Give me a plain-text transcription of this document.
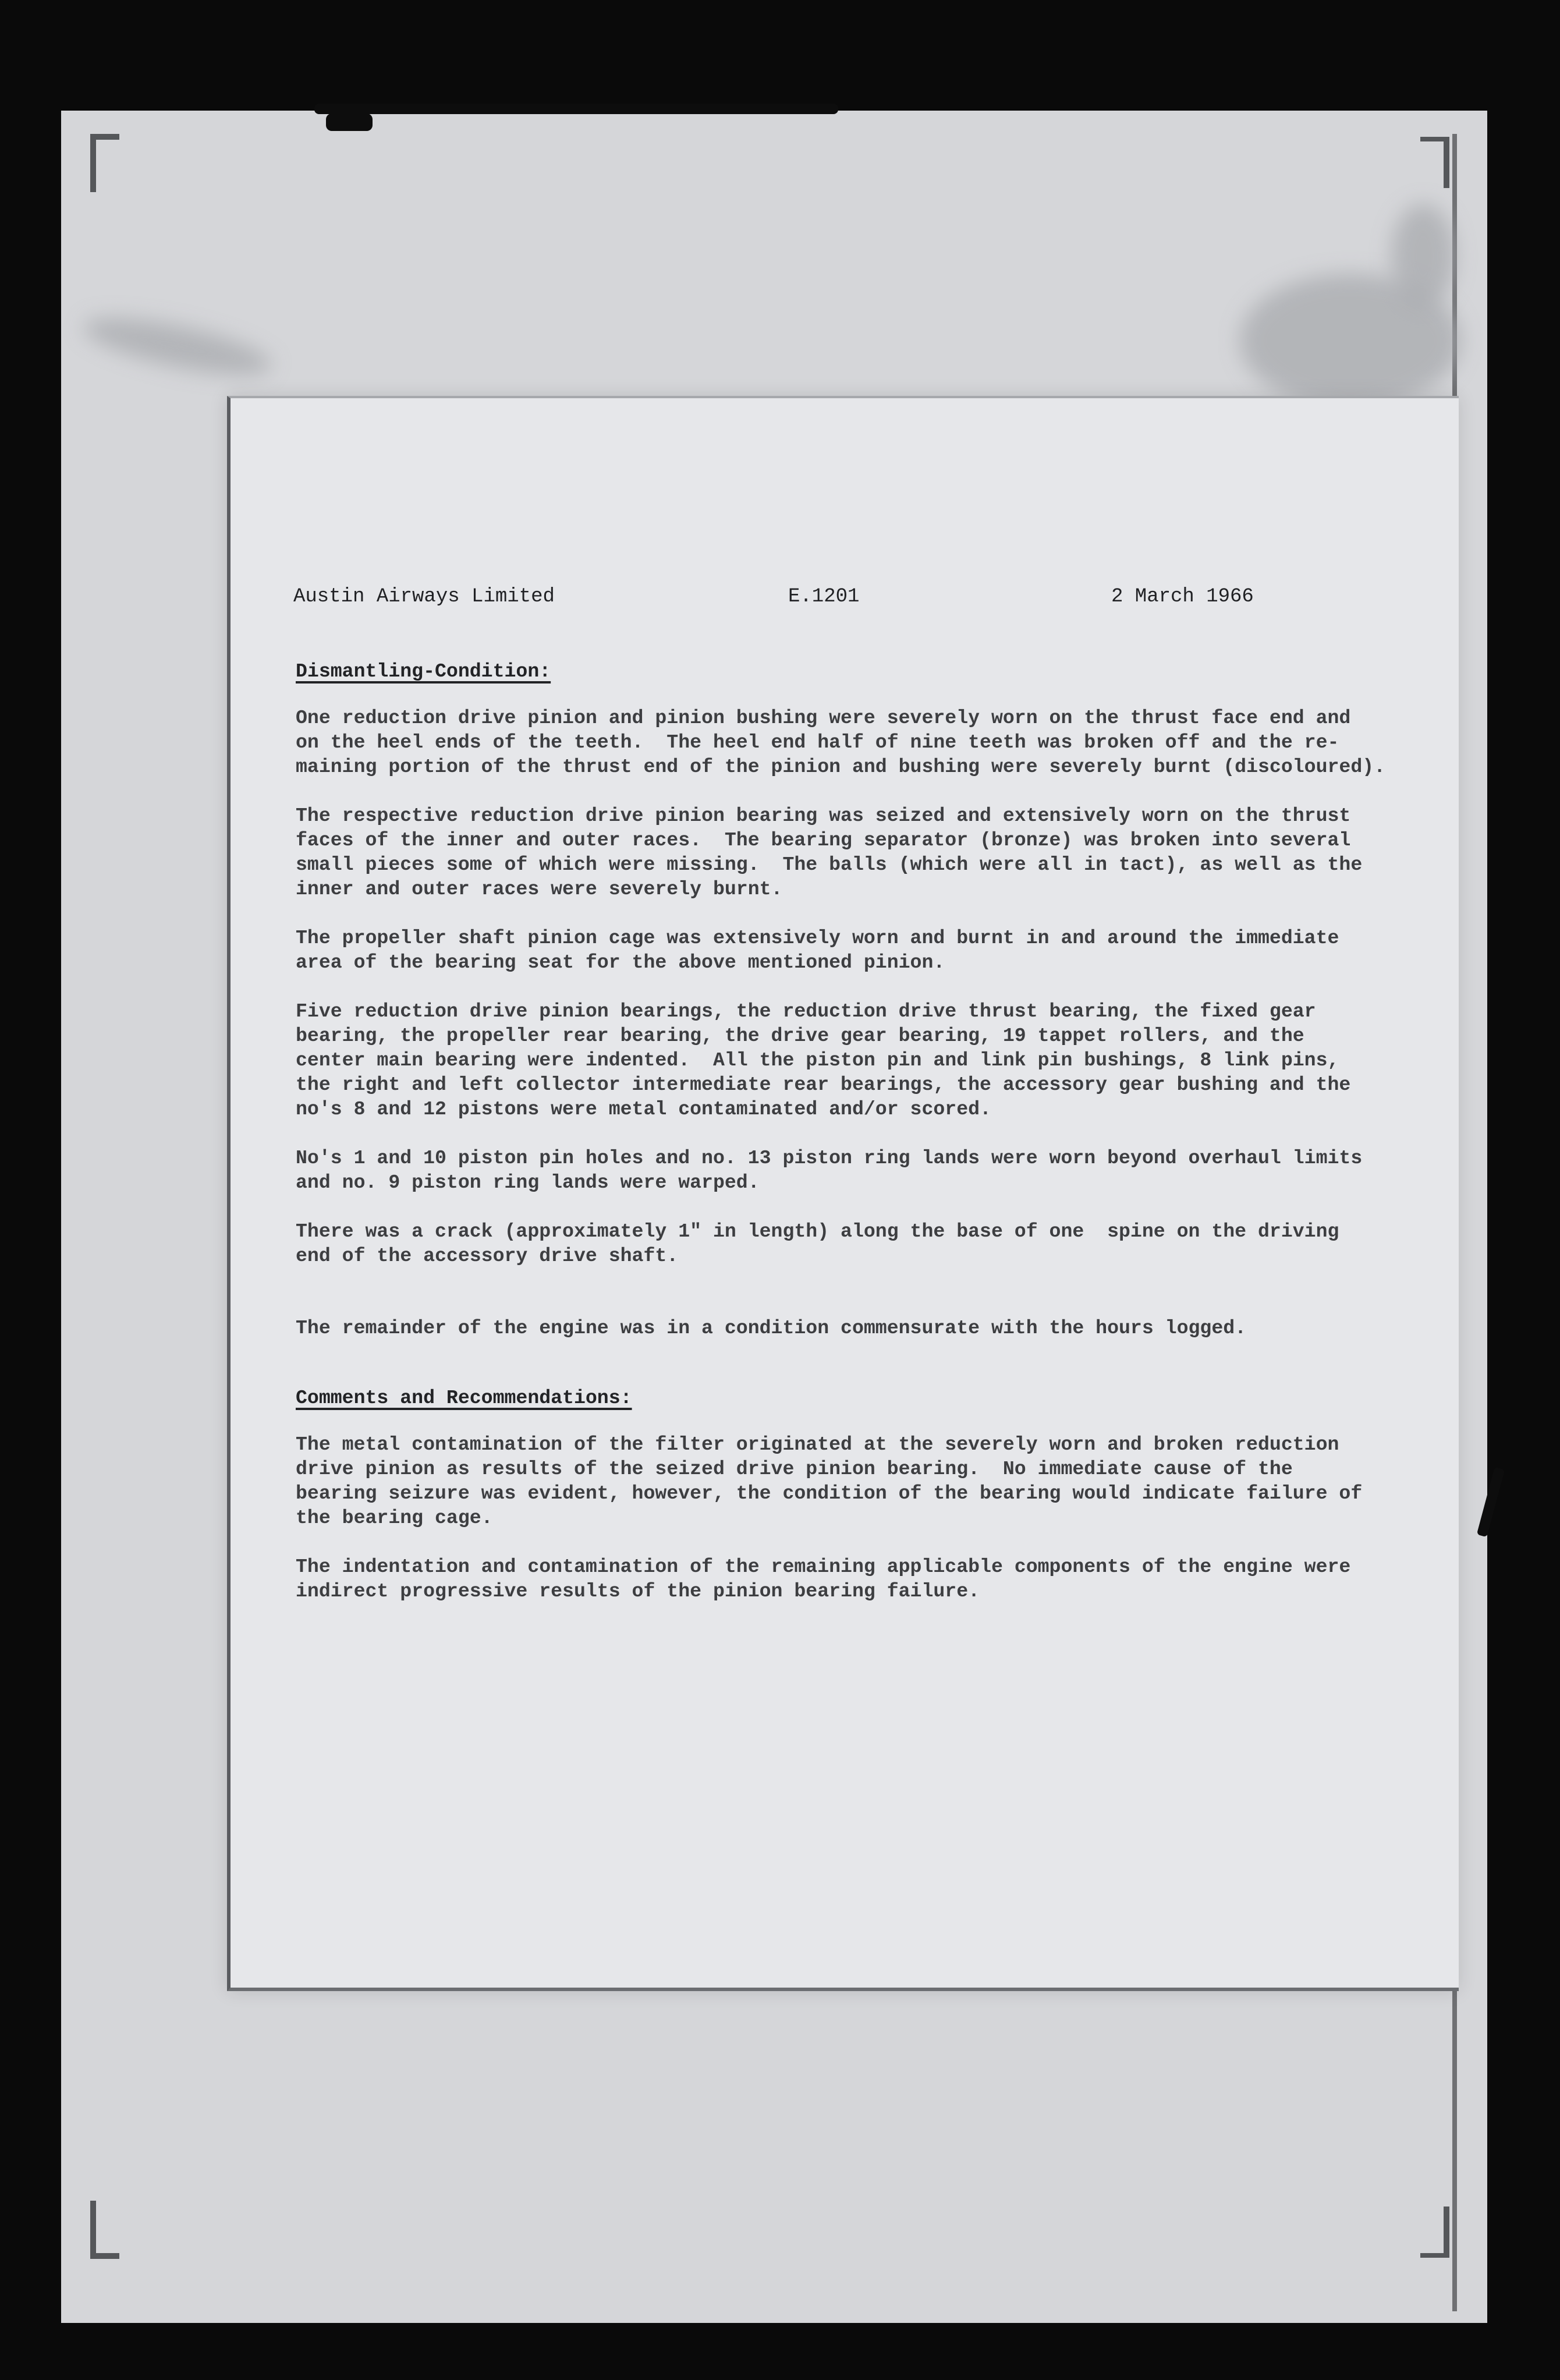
Austin Airways Limited	E.1201	2 March 1966
Dismantling-Condition:
One reduction drive pinion and pinion bushing were severely worn on the thrust face end and
on the heel ends of the teeth.  The heel end half of nine teeth was broken off and the re-
maining portion of the thrust end of the pinion and bushing were severely burnt (discoloured).
The respective reduction drive pinion bearing was seized and extensively worn on the thrust
faces of the inner and outer races.  The bearing separator (bronze) was broken into several
small pieces some of which were missing.  The balls (which were all in tact), as well as the
inner and outer races were severely burnt.
The propeller shaft pinion cage was extensively worn and burnt in and around the immediate
area of the bearing seat for the above mentioned pinion.
Five reduction drive pinion bearings, the reduction drive thrust bearing, the fixed gear
bearing, the propeller rear bearing, the drive gear bearing, 19 tappet rollers, and the
center main bearing were indented.  All the piston pin and link pin bushings, 8 link pins,
the right and left collector intermediate rear bearings, the accessory gear bushing and the
no's 8 and 12 pistons were metal contaminated and/or scored.
No's 1 and 10 piston pin holes and no. 13 piston ring lands were worn beyond overhaul limits
and no. 9 piston ring lands were warped.
There was a crack (approximately 1" in length) along the base of one  spine on the driving
end of the accessory drive shaft.
The remainder of the engine was in a condition commensurate with the hours logged.
Comments and Recommendations:
The metal contamination of the filter originated at the severely worn and broken reduction
drive pinion as results of the seized drive pinion bearing.  No immediate cause of the
bearing seizure was evident, however, the condition of the bearing would indicate failure of
the bearing cage.
The indentation and contamination of the remaining applicable components of the engine were
indirect progressive results of the pinion bearing failure.
